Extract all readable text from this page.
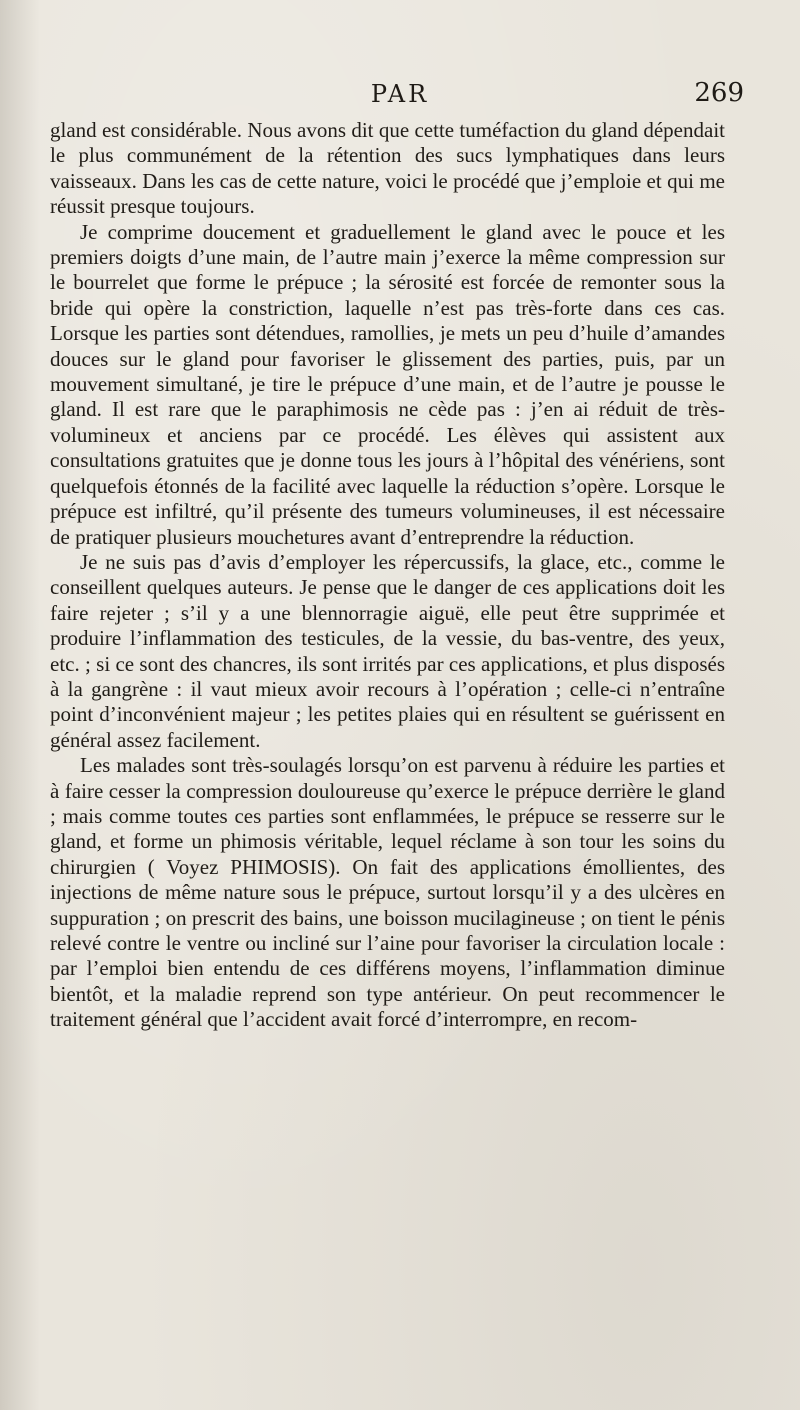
PAR	269

gland est considérable. Nous avons dit que cette tuméfaction du gland dépendait le plus communément de la rétention des sucs lymphatiques dans leurs vaisseaux. Dans les cas de cette nature, voici le procédé que j’emploie et qui me réussit presque toujours.

Je comprime doucement et graduellement le gland avec le pouce et les premiers doigts d’une main, de l’autre main j’exerce la même compression sur le bourrelet que forme le prépuce ; la sérosité est forcée de remonter sous la bride qui opère la constriction, laquelle n’est pas très-forte dans ces cas. Lorsque les parties sont détendues, ramollies, je mets un peu d’huile d’amandes douces sur le gland pour favoriser le glissement des parties, puis, par un mouvement simultané, je tire le prépuce d’une main, et de l’autre je pousse le gland. Il est rare que le paraphimosis ne cède pas : j’en ai réduit de très-volumineux et anciens par ce procédé. Les élèves qui assistent aux consultations gratuites que je donne tous les jours à l’hôpital des vénériens, sont quelquefois étonnés de la facilité avec laquelle la réduction s’opère. Lorsque le prépuce est infiltré, qu’il présente des tumeurs volumineuses, il est nécessaire de pratiquer plusieurs mouchetures avant d’entreprendre la réduction.

Je ne suis pas d’avis d’employer les répercussifs, la glace, etc., comme le conseillent quelques auteurs. Je pense que le danger de ces applications doit les faire rejeter ; s’il y a une blennorragie aiguë, elle peut être supprimée et produire l’inflammation des testicules, de la vessie, du bas-ventre, des yeux, etc. ; si ce sont des chancres, ils sont irrités par ces applications, et plus disposés à la gangrène : il vaut mieux avoir recours à l’opération ; celle-ci n’entraîne point d’inconvénient majeur ; les petites plaies qui en résultent se guérissent en général assez facilement.

Les malades sont très-soulagés lorsqu’on est parvenu à réduire les parties et à faire cesser la compression douloureuse qu’exerce le prépuce derrière le gland ; mais comme toutes ces parties sont enflammées, le prépuce se resserre sur le gland, et forme un phimosis véritable, lequel réclame à son tour les soins du chirurgien ( Voyez PHIMOSIS). On fait des applications émollientes, des injections de même nature sous le prépuce, surtout lorsqu’il y a des ulcères en suppuration ; on prescrit des bains, une boisson mucilagineuse ; on tient le pénis relevé contre le ventre ou incliné sur l’aine pour favoriser la circulation locale : par l’emploi bien entendu de ces différens moyens, l’inflammation diminue bientôt, et la maladie reprend son type antérieur. On peut recommencer le traitement général que l’accident avait forcé d’interrompre, en recom-
